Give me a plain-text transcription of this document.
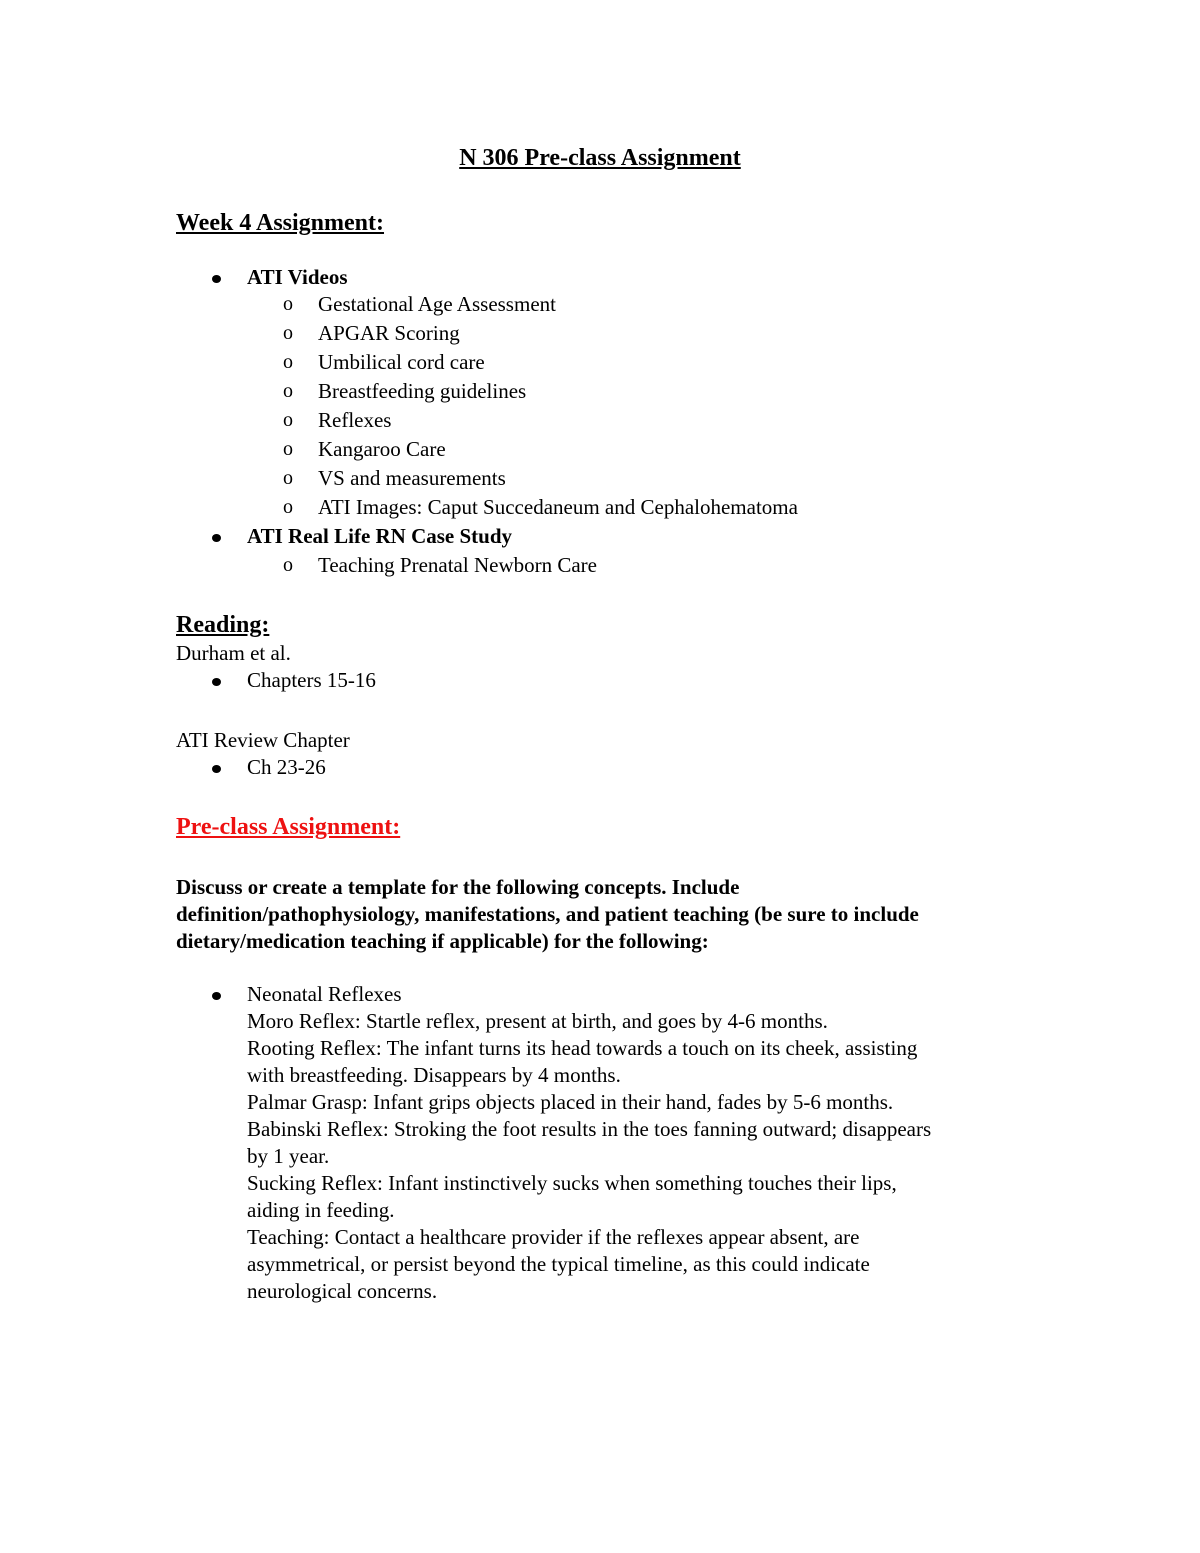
N 306 Pre-class Assignment
Week 4 Assignment:
ATI Videos
o Gestational Age Assessment
o APGAR Scoring
o Umbilical cord care
o Breastfeeding guidelines
o Reflexes
o Kangaroo Care
o VS and measurements
o ATI Images: Caput Succedaneum and Cephalohematoma
ATI Real Life RN Case Study
o Teaching Prenatal Newborn Care
Reading:
Durham et al.
Chapters 15-16
ATI Review Chapter
Ch 23-26
Pre-class Assignment:
Discuss or create a template for the following concepts. Include
definition/pathophysiology, manifestations, and patient teaching (be sure to include
dietary/medication teaching if applicable) for the following:
Neonatal Reflexes
Moro Reflex: Startle reflex, present at birth, and goes by 4-6 months.
Rooting Reflex: The infant turns its head towards a touch on its cheek, assisting
with breastfeeding. Disappears by 4 months.
Palmar Grasp: Infant grips objects placed in their hand, fades by 5-6 months.
Babinski Reflex: Stroking the foot results in the toes fanning outward; disappears
by 1 year.
Sucking Reflex: Infant instinctively sucks when something touches their lips,
aiding in feeding.
Teaching: Contact a healthcare provider if the reflexes appear absent, are
asymmetrical, or persist beyond the typical timeline, as this could indicate
neurological concerns.
